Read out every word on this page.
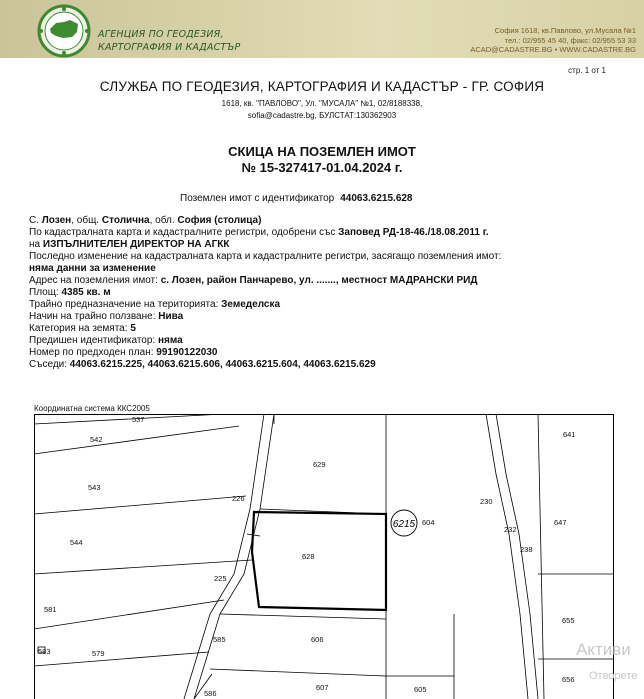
АГЕНЦИЯ ПО ГЕОДЕЗИЯ,
КАРТОГРАФИЯ И КАДАСТЪР
София 1618, кв.Павлово, ул.Мусала №1
тел.: 02/955 45 40, факс: 02/955 53 33
ACAD@CADASTRE.BG • WWW.CADASTRE.BG
стр. 1 от 1
СЛУЖБА ПО ГЕОДЕЗИЯ, КАРТОГРАФИЯ И КАДАСТЪР - ГР. СОФИЯ
1618, кв. "ПАВЛОВО", Ул. "МУСАЛА" №1, 02/8188338,
sofia@cadastre.bg, БУЛСТАТ:130362903
СКИЦА НА ПОЗЕМЛЕН ИМОТ
№ 15-327417-01.04.2024 г.
Поземлен имот с идентификатор 44063.6215.628
С. Лозен, общ. Столична, обл. София (столица)
По кадастралната карта и кадастралните регистри, одобрени със Заповед РД-18-46./18.08.2011 г.
на ИЗПЪЛНИТЕЛЕН ДИРЕКТОР НА АГКК
Последно изменение на кадастралната карта и кадастралните регистри, засягащо поземления имот:
няма данни за изменение
Адрес на поземления имот: с. Лозен, район Панчарево, ул. ......., местност МАДРАНСКИ РИД
Площ: 4385 кв. м
Трайно предназначение на територията: Земеделска
Начин на трайно ползване: Нива
Категория на земята: 5
Предишен идентификатор: няма
Номер по предходен план: 99190122030
Съседи: 44063.6215.225, 44063.6215.606, 44063.6215.604, 44063.6215.629
Координатна система ККС2005
6215
537
542
543
544
581
583	579
585
586
226
225
629
628
606
607
604
605
230
232
238
641
647
655
656
Активи
Отворете
